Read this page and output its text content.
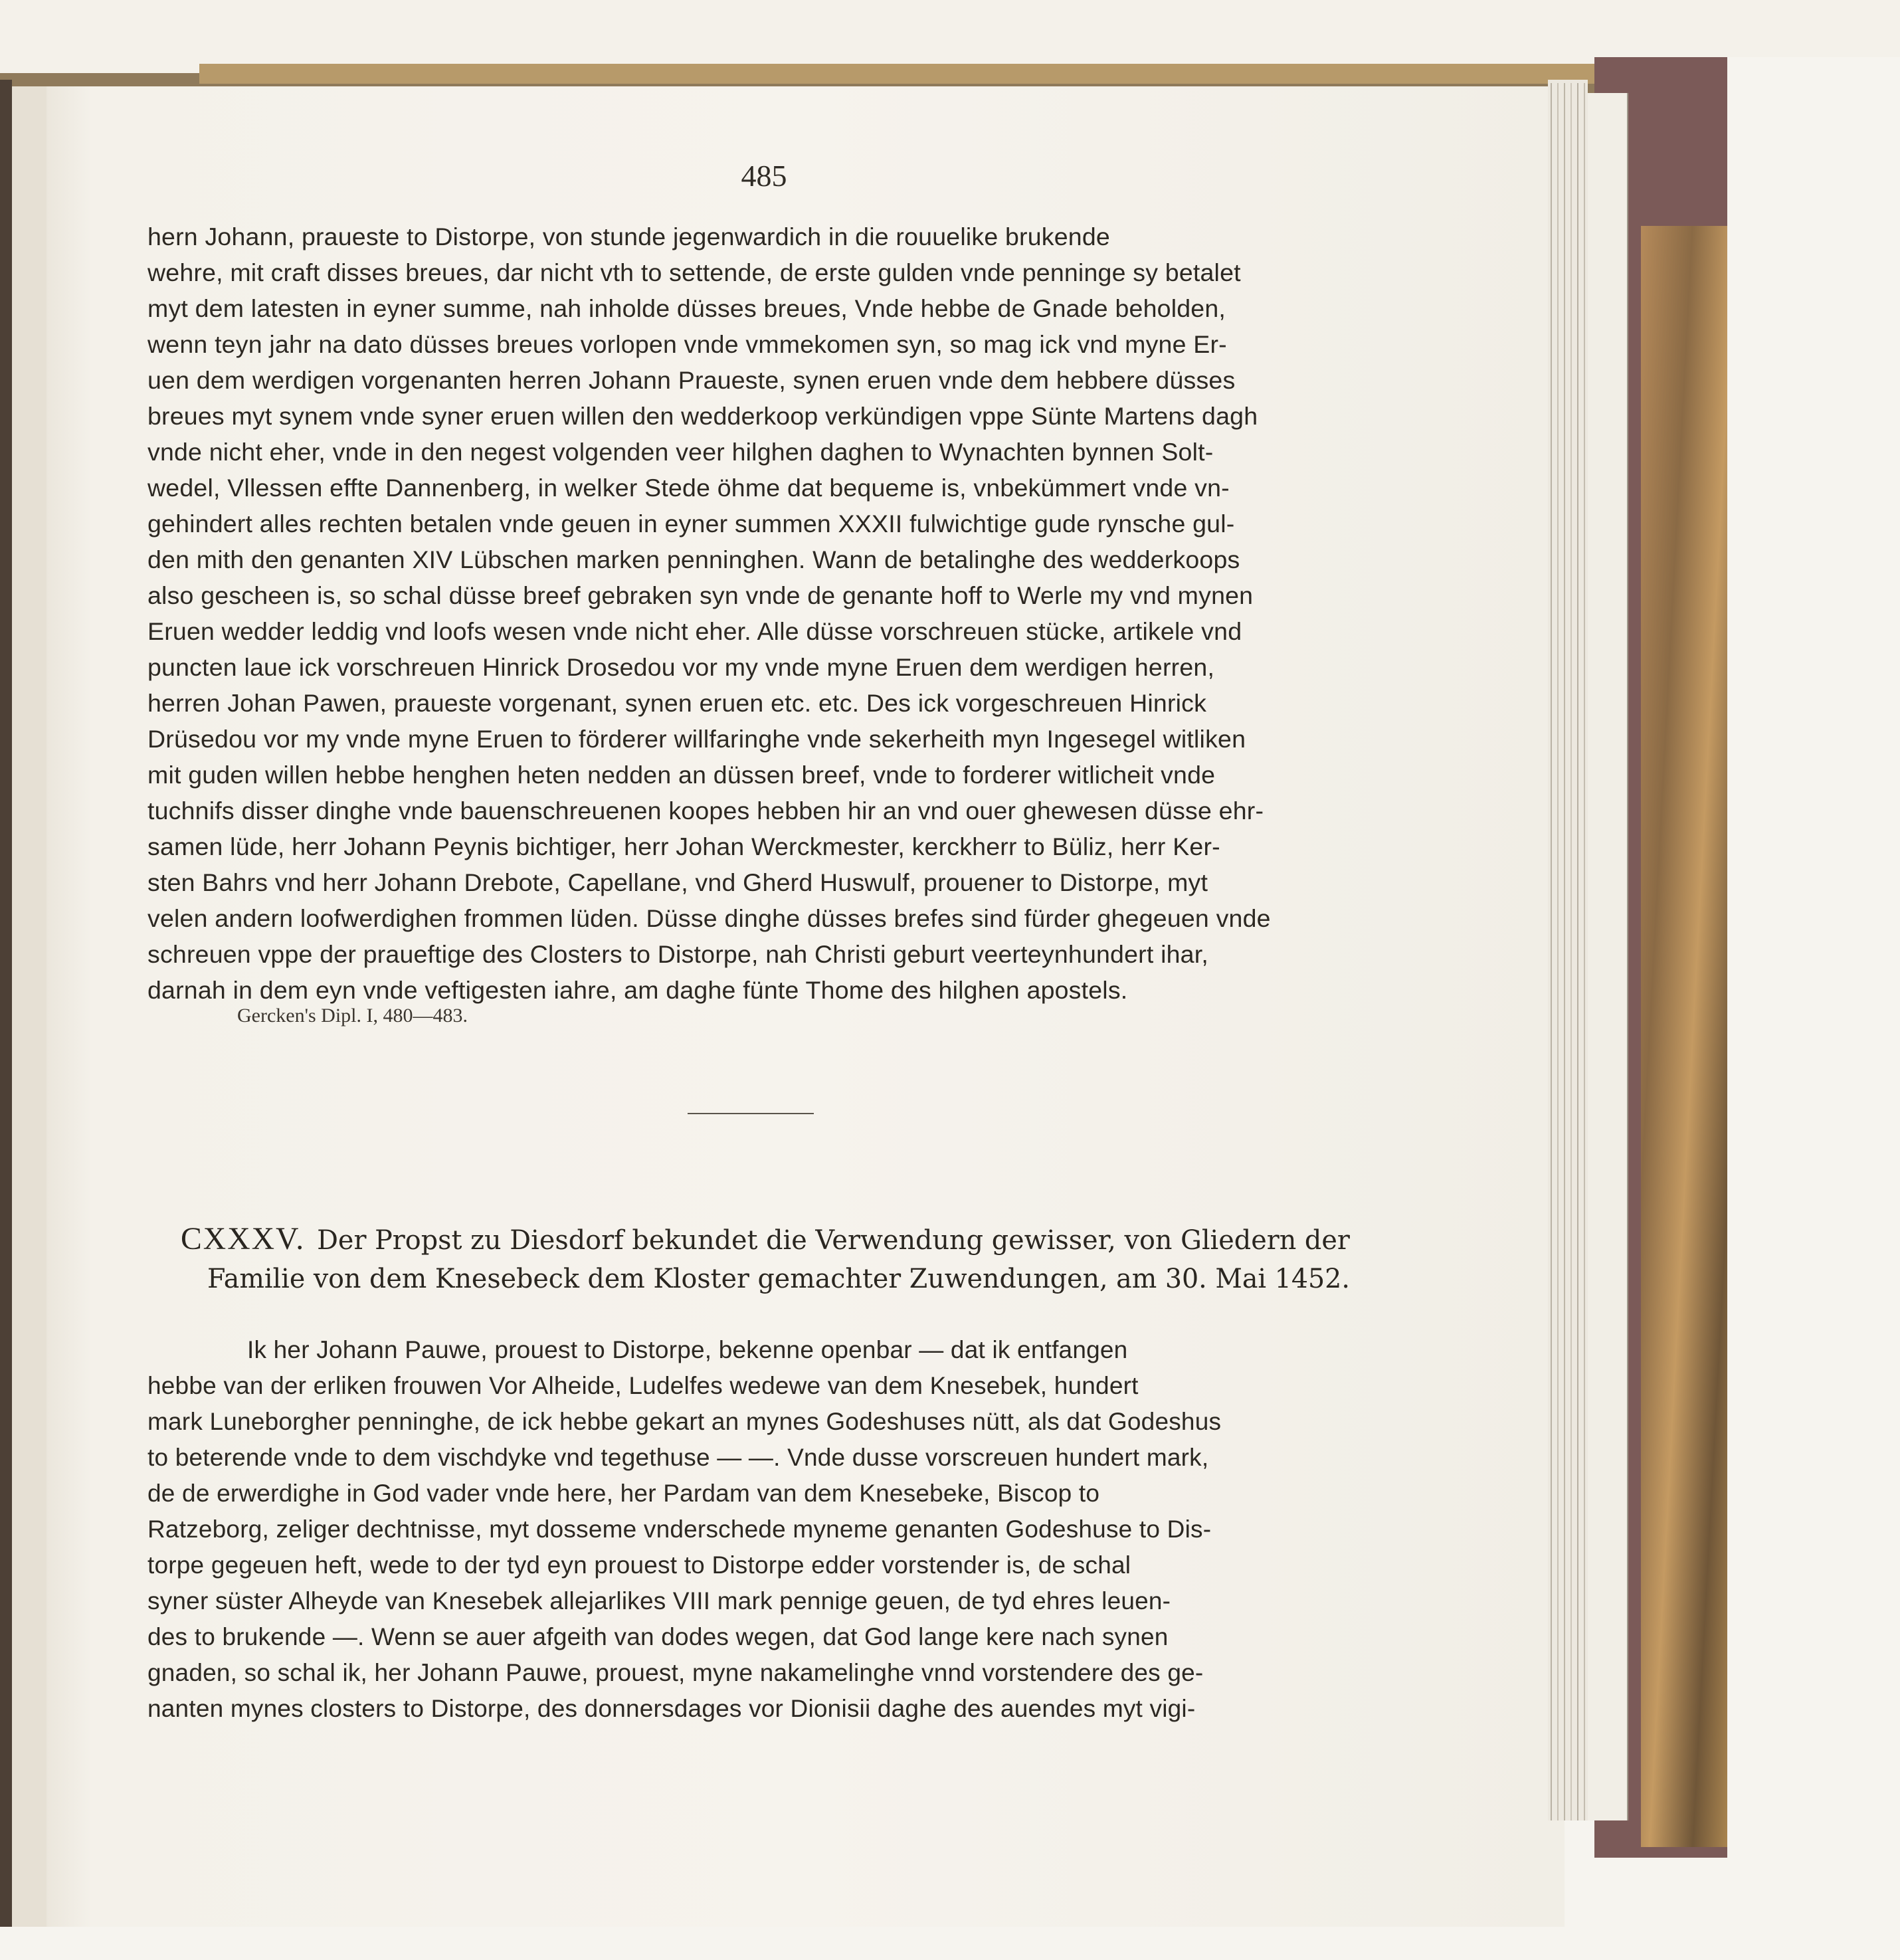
485
hern Johann, praueste to Distorpe, von stunde jegenwardich in die rouuelike brukende
wehre, mit craft disses breues, dar nicht vth to settende, de erste gulden vnde penninge sy betalet
myt dem latesten in eyner summe, nah inholde düsses breues, Vnde hebbe de Gnade beholden,
wenn teyn jahr na dato düsses breues vorlopen vnde vmmekomen syn, so mag ick vnd myne Er-
uen dem werdigen vorgenanten herren Johann Praueste, synen eruen vnde dem hebbere düsses
breues myt synem vnde syner eruen willen den wedderkoop verkündigen vppe Sünte Martens dagh
vnde nicht eher, vnde in den negest volgenden veer hilghen daghen to Wynachten bynnen Solt-
wedel, Vllessen effte Dannenberg, in welker Stede öhme dat bequeme is, vnbekümmert vnde vn-
gehindert alles rechten betalen vnde geuen in eyner summen XXXII fulwichtige gude rynsche gul-
den mith den genanten XIV Lübschen marken penninghen. Wann de betalinghe des wedderkoops
also gescheen is, so schal düsse breef gebraken syn vnde de genante hoff to Werle my vnd mynen
Eruen wedder leddig vnd loofs wesen vnde nicht eher. Alle düsse vorschreuen stücke, artikele vnd
puncten laue ick vorschreuen Hinrick Drosedou vor my vnde myne Eruen dem werdigen herren,
herren Johan Pawen, praueste vorgenant, synen eruen etc. etc. Des ick vorgeschreuen Hinrick
Drüsedou vor my vnde myne Eruen to förderer willfaringhe vnde sekerheith myn Ingesegel witliken
mit guden willen hebbe henghen heten nedden an düssen breef, vnde to forderer witlicheit vnde
tuchnifs disser dinghe vnde bauenschreuenen koopes hebben hir an vnd ouer ghewesen düsse ehr-
samen lüde, herr Johann Peynis bichtiger, herr Johan Werckmester, kerckherr to Büliz, herr Ker-
sten Bahrs vnd herr Johann Drebote, Capellane, vnd Gherd Huswulf, prouener to Distorpe, myt
velen andern loofwerdighen frommen lüden. Düsse dinghe düsses brefes sind fürder ghegeuen vnde
schreuen vppe der praueftige des Closters to Distorpe, nah Christi geburt veerteynhundert ihar,
darnah in dem eyn vnde veftigesten iahre, am daghe fünte Thome des hilghen apostels.
Gercken's Dipl. I, 480—483.
CXXXV. Der Propst zu Diesdorf bekundet die Verwendung gewisser, von Gliedern der
Familie von dem Knesebeck dem Kloster gemachter Zuwendungen, am 30. Mai 1452.
Ik her Johann Pauwe, prouest to Distorpe, bekenne openbar — dat ik entfangen
hebbe van der erliken frouwen Vor Alheide, Ludelfes wedewe van dem Knesebek, hundert
mark Luneborgher penninghe, de ick hebbe gekart an mynes Godeshuses nütt, als dat Godeshus
to beterende vnde to dem vischdyke vnd tegethuse — —. Vnde dusse vorscreuen hundert mark,
de de erwerdighe in God vader vnde here, her Pardam van dem Knesebeke, Biscop to
Ratzeborg, zeliger dechtnisse, myt dosseme vnderschede myneme genanten Godeshuse to Dis-
torpe gegeuen heft, wede to der tyd eyn prouest to Distorpe edder vorstender is, de schal
syner süster Alheyde van Knesebek allejarlikes VIII mark pennige geuen, de tyd ehres leuen-
des to brukende —. Wenn se auer afgeith van dodes wegen, dat God lange kere nach synen
gnaden, so schal ik, her Johann Pauwe, prouest, myne nakamelinghe vnnd vorstendere des ge-
nanten mynes closters to Distorpe, des donnersdages vor Dionisii daghe des auendes myt vigi-
